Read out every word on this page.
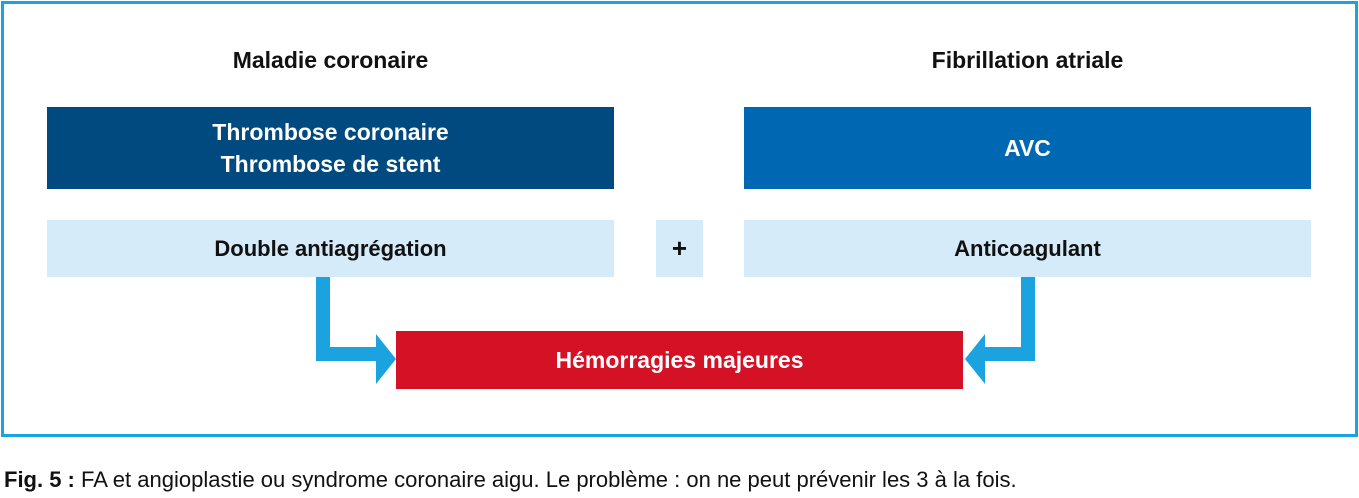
Maladie coronaire	Fibrillation atriale
Thrombose coronaire
Thrombose de stent
AVC
Double antiagrégation	+	Anticoagulant
Hémorragies majeures
Fig. 5 : FA et angioplastie ou syndrome coronaire aigu. Le problème : on ne peut prévenir les 3 à la fois.
